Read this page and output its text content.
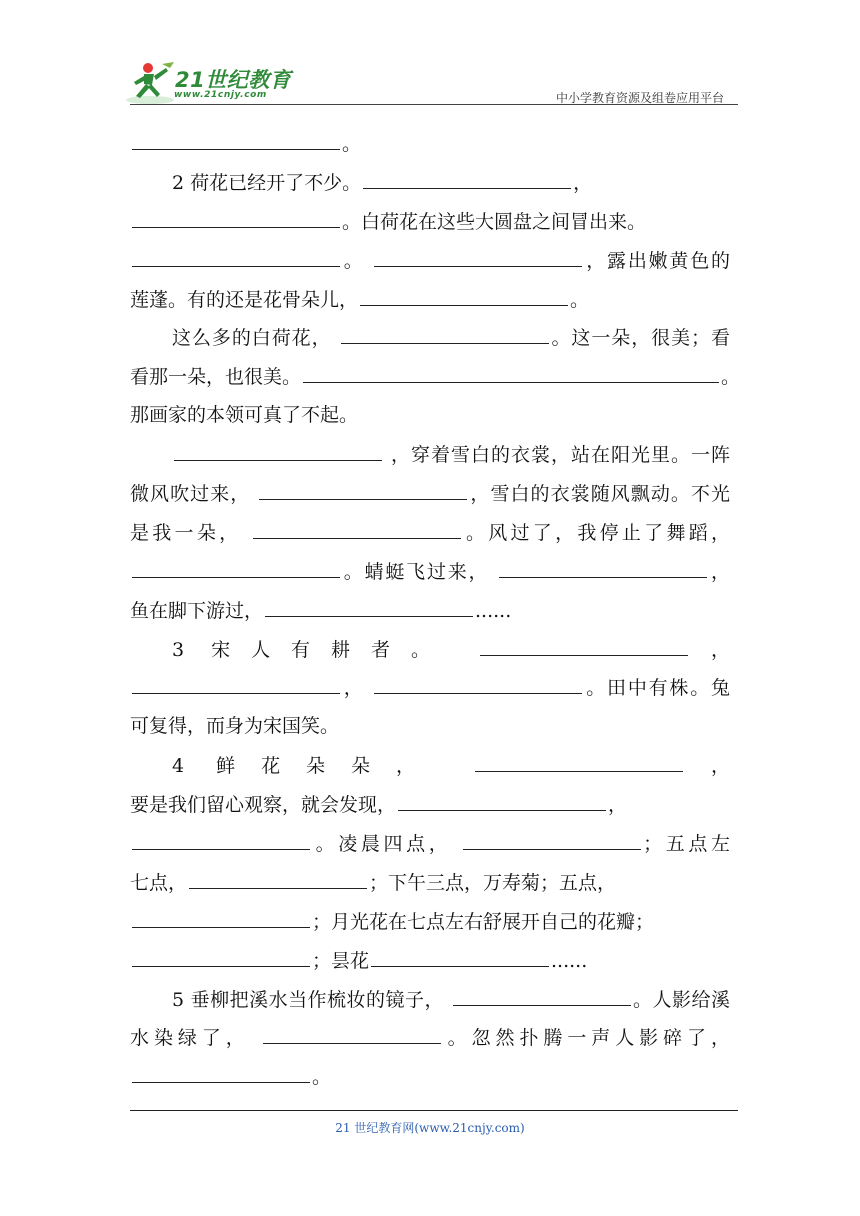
21世纪教育
www.21cnjy.com	中小学教育资源及组卷应用平台
。
2 荷花已经开了不少。	，
。白荷花在这些大圆盘之间冒出来。
。	，露出嫩黄色的
莲蓬。有的还是花骨朵儿，	。
这么多的白荷花，	。这一朵，很美；看
看那一朵，也很美。	。
那画家的本领可真了不起。
，穿着雪白的衣裳，站在阳光里。一阵
微风吹过来，	，雪白的衣裳随风飘动。不光
是我一朵，	。风过了，我停止了舞蹈，
。蜻蜓飞过来，	，
鱼在脚下游过，	......
3 宋人有耕者。	，
，	。田中有株。兔
可复得，而身为宋国笑。
4 鲜花朵朵，	，
要是我们留心观察，就会发现，	，
。凌晨四点，	；五点左
七点，	；下午三点，万寿菊；五点，
；月光花在七点左右舒展开自己的花瓣；
；昙花	......
5 垂柳把溪水当作梳妆的镜子，	。人影给溪
水染绿了，	。忽然扑腾一声人影碎了，
。
21 世纪教育网(www.21cnjy.com)
